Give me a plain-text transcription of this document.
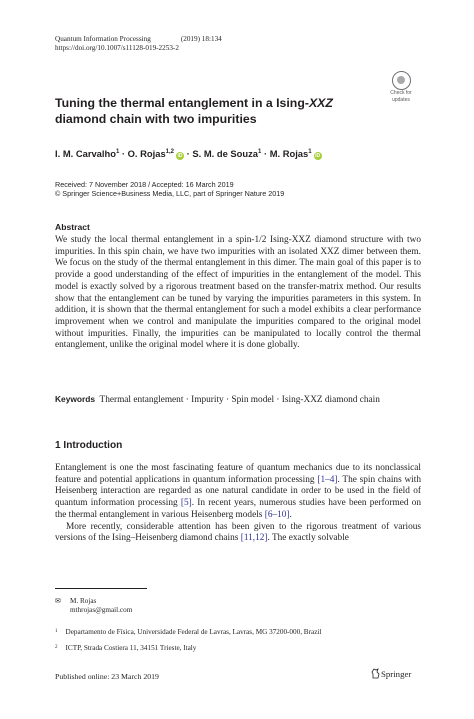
Quantum Information Processing	(2019) 18:134
https://doi.org/10.1007/s11128-019-2253-2
Check for
updates
Tuning the thermal entanglement in a Ising-XXZ diamond chain with two impurities
I. M. Carvalho$^1$ · O. Rojas$^{1,2}$iD · S. M. de Souza$^1$ · M. Rojas$^1$iD
Received: 7 November 2018 / Accepted: 16 March 2019
© Springer Science+Business Media, LLC, part of Springer Nature 2019
Abstract
We study the local thermal entanglement in a spin-1/2 Ising-XXZ diamond structure with two impurities. In this spin chain, we have two impurities with an isolated XXZ dimer between them. We focus on the study of the thermal entanglement in this dimer. The main goal of this paper is to provide a good understanding of the effect of impurities in the entanglement of the model. This model is exactly solved by a rigorous treatment based on the transfer-matrix method. Our results show that the entanglement can be tuned by varying the impurities parameters in this system. In addition, it is shown that the thermal entanglement for such a model exhibits a clear performance improvement when we control and manipulate the impurities compared to the original model without impurities. Finally, the impurities can be manipulated to locally control the thermal entanglement, unlike the original model where it is done globally.
Keywords Thermal entanglement · Impurity · Spin model · Ising-XXZ diamond chain
1 Introduction

Entanglement is one the most fascinating feature of quantum mechanics due to its nonclassical feature and potential applications in quantum information processing [1–4]. The spin chains with Heisenberg interaction are regarded as one natural candidate in order to be used in the field of quantum information processing [5]. In recent years, numerous studies have been performed on the thermal entanglement in various Heisenberg models [6–10].

More recently, considerable attention has been given to the rigorous treatment of various versions of the Ising–Heisenberg diamond chains [11,12]. The exactly solvable

✉ M. Rojas
mthrojas@gmail.com
$^1$ Departamento de Física, Universidade Federal de Lavras, Lavras, MG 37200-000, Brazil
$^2$ ICTP, Strada Costiera 11, 34151 Trieste, Italy
Published online: 23 March 2019	Springer
